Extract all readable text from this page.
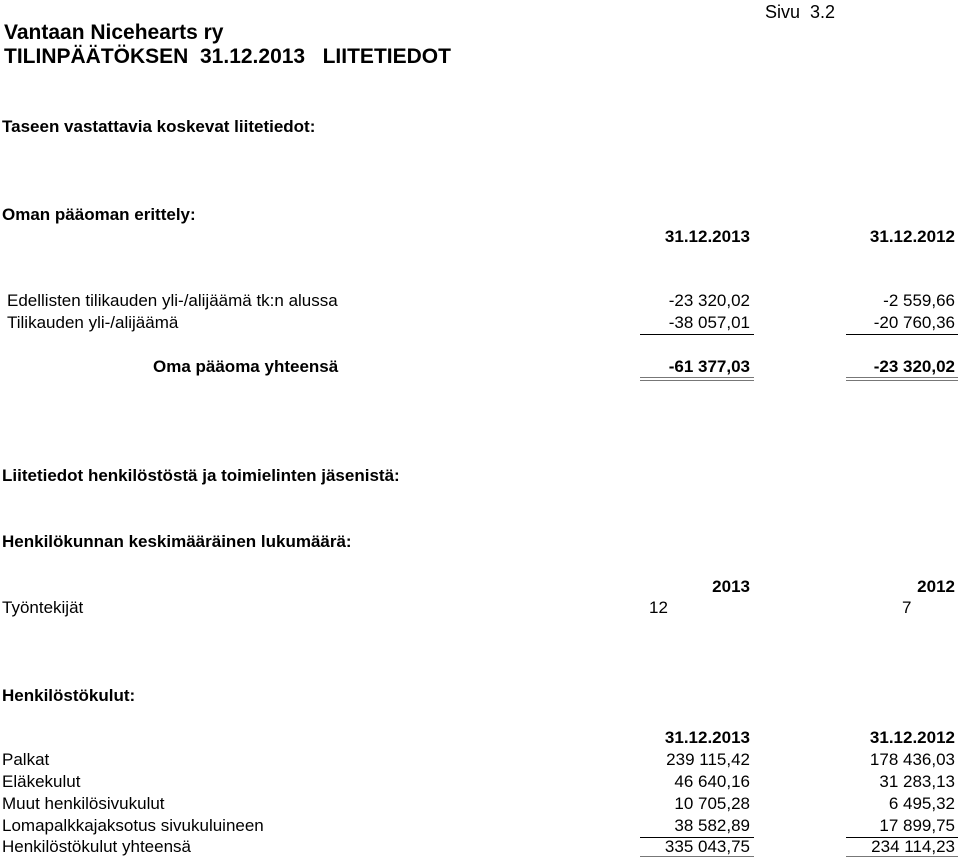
Vantaan Nicehearts ry
TILINPÄÄTÖKSEN  31.12.2013   LIITETIEDOT
Sivu 3.2
Taseen vastattavia koskevat liitetiedot:
Oman pääoman erittely:
31.12.2013	31.12.2012
Edellisten tilikauden yli-/alijäämä tk:n alussa	-23 320,02	-2 559,66
Tilikauden yli-/alijäämä	-38 057,01	-20 760,36
Oma pääoma yhteensä	-61 377,03	-23 320,02
Liitetiedot henkilöstöstä ja toimielinten jäsenistä:
Henkilökunnan keskimääräinen lukumäärä:
2013	2012
Työntekijät	12	7
Henkilöstökulut:
31.12.2013	31.12.2012
Palkat	239 115,42	178 436,03
Eläkekulut	46 640,16	31 283,13
Muut henkilösivukulut	10 705,28	6 495,32
Lomapalkkajaksotus sivukuluineen	38 582,89	17 899,75
Henkilöstökulut yhteensä	335 043,75	234 114,23
